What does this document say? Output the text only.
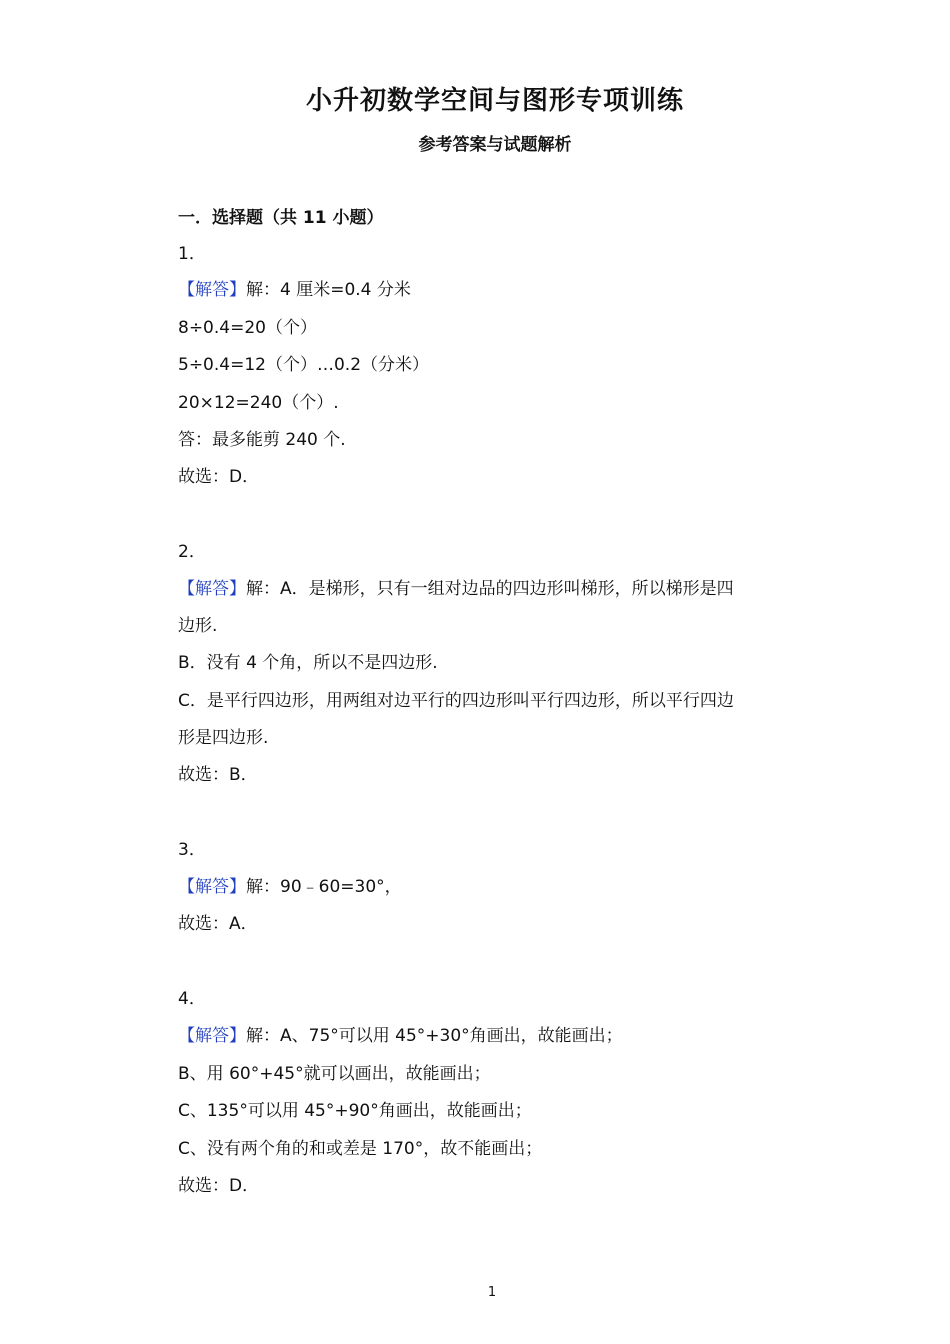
小升初数学空间与图形专项训练
参考答案与试题解析
一．选择题（共 11 小题）
1．
【解答】解：4 厘米=0.4 分米
8÷0.4=20（个）
5÷0.4=12（个）…0.2（分米）
20×12=240（个）.
答：最多能剪 240 个.
故选：D．
2．
【解答】解：A．是梯形，只有一组对边品的四边形叫梯形，所以梯形是四
边形.
B．没有 4 个角，所以不是四边形.
C．是平行四边形，用两组对边平行的四边形叫平行四边形，所以平行四边
形是四边形.
故选：B．
3．
【解答】解：90﹣60=30°，
故选：A．
4．
【解答】解：A、75°可以用 45°+30°角画出，故能画出；
B、用 60°+45°就可以画出，故能画出；
C、135°可以用 45°+90°角画出，故能画出；
C、没有两个角的和或差是 170°，故不能画出；
故选：D．
1
